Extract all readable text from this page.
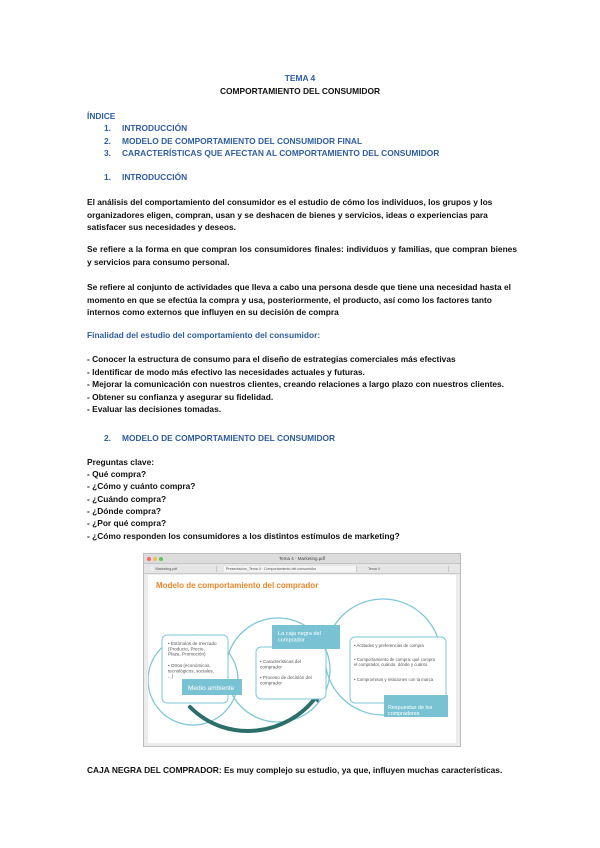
TEMA 4
COMPORTAMIENTO DEL CONSUMIDOR
ÍNDICE
1. INTRODUCCIÓN
2. MODELO DE COMPORTAMIENTO DEL CONSUMIDOR FINAL
3. CARACTERÍSTICAS QUE AFECTAN AL COMPORTAMIENTO DEL CONSUMIDOR
1. INTRODUCCIÓN
El análisis del comportamiento del consumidor es el estudio de cómo los individuos, los grupos y los organizadores eligen, compran, usan y se deshacen de bienes y servicios, ideas o experiencias para satisfacer sus necesidades y deseos.
Se refiere a la forma en que compran los consumidores finales: individuos y familias, que compran bienes y servicios para consumo personal.
Se refiere al conjunto de actividades que lleva a cabo una persona desde que tiene una necesidad hasta el momento en que se efectúa la compra y usa, posteriormente, el producto, así como los factores tanto internos como externos que influyen en su decisión de compra
Finalidad del estudio del comportamiento del consumidor:
- Conocer la estructura de consumo para el diseño de estrategias comerciales más efectivas
- Identificar de modo más efectivo las necesidades actuales y futuras.
- Mejorar la comunicación con nuestros clientes, creando relaciones a largo plazo con nuestros clientes.
- Obtener su confianza y asegurar su fidelidad.
- Evaluar las decisiones tomadas.
2. MODELO DE COMPORTAMIENTO DEL CONSUMIDOR
Preguntas clave:
- Qué compra?
- ¿Cómo y cuánto compra?
- ¿Cuándo compra?
- ¿Dónde compra?
- ¿Por qué compra?
- ¿Cómo responden los consumidores a los distintos estímulos de marketing?
Tema 4 · Marketing.pdf
📄 Marketing.pdf	Presentacion_Tema 4 · Comportamiento del consumidor	Tema 4
Modelo de comportamiento del comprador
• Estímulos de mercado (Producto, Precio, Plaza, Promoción)
• Otros (económicos, tecnológicos, sociales, ...)
Medio ambiente
La caja negra del comprador
• Características del comprador
• Proceso de decisión del comprador
• Actitudes y preferencias de compra
• Comportamiento de compra: qué compra el comprador, cuándo, dónde y cuánto
• Compromisos y relaciones con la marca
Respuestas de los compradores
CAJA NEGRA DEL COMPRADOR: Es muy complejo su estudio, ya que, influyen muchas características.
